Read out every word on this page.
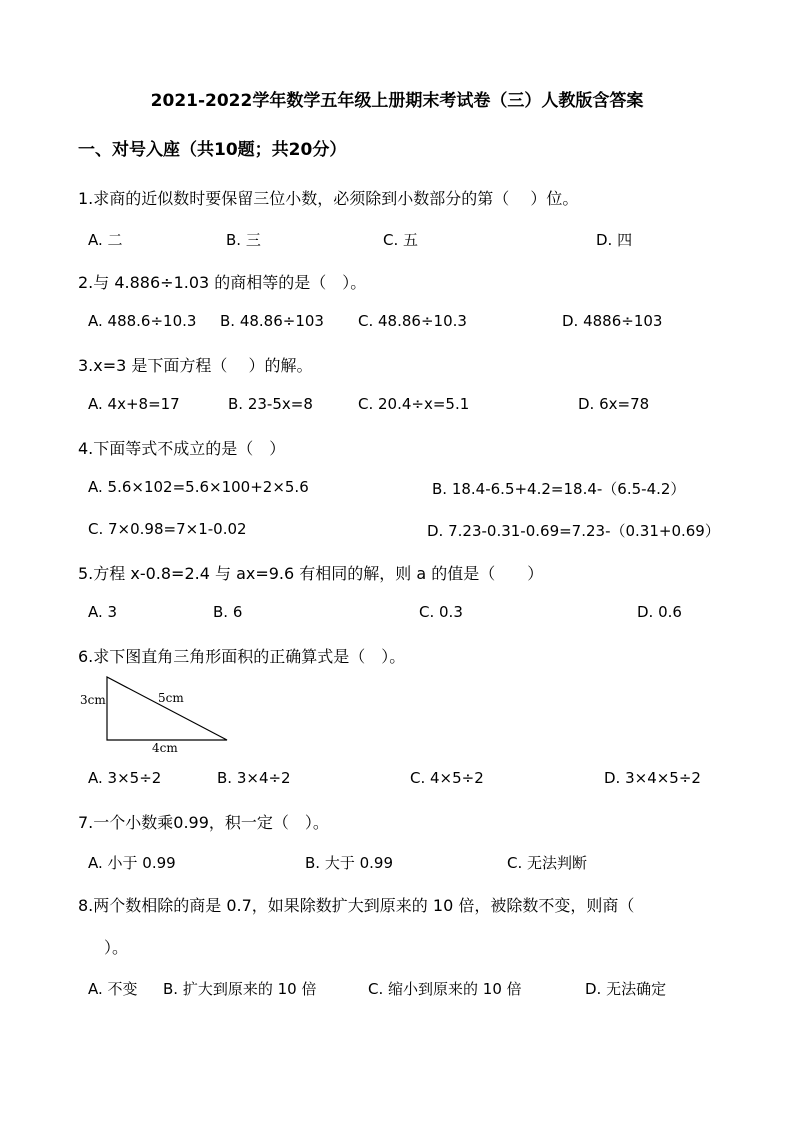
2021-2022学年数学五年级上册期末考试卷（三）人教版含答案
一、对号入座（共10题；共20分）
1.求商的近似数时要保留三位小数，必须除到小数部分的第（　 ）位。
A. 二	B. 三	C. 五	D. 四
2.与 4.886÷1.03 的商相等的是（　）。
A. 488.6÷10.3 B. 48.86÷103 C. 48.86÷10.3	D. 4886÷103
3.x=3 是下面方程（　 ）的解。
A. 4x+8=17	B. 23-5x=8	C. 20.4÷x=5.1	D. 6x=78
4.下面等式不成立的是（　）
A. 5.6×102=5.6×100+2×5.6	B. 18.4-6.5+4.2=18.4-（6.5-4.2）
C. 7×0.98=7×1-0.02	D. 7.23-0.31-0.69=7.23-（0.31+0.69）
5.方程 x-0.8=2.4 与 ax=9.6 有相同的解，则 a 的值是（　　）
A. 3	B. 6	C. 0.3	D. 0.6
6.求下图直角三角形面积的正确算式是（　）。
3cm	5cm
4cm
A. 3×5÷2	B. 3×4÷2	C. 4×5÷2	D. 3×4×5÷2
7.一个小数乘0.99，积一定（　）。
A. 小于 0.99	B. 大于 0.99	C. 无法判断
8.两个数相除的商是 0.7，如果除数扩大到原来的 10 倍，被除数不变，则商（
）。
A. 不变 B. 扩大到原来的 10 倍	C. 缩小到原来的 10 倍	D. 无法确定
